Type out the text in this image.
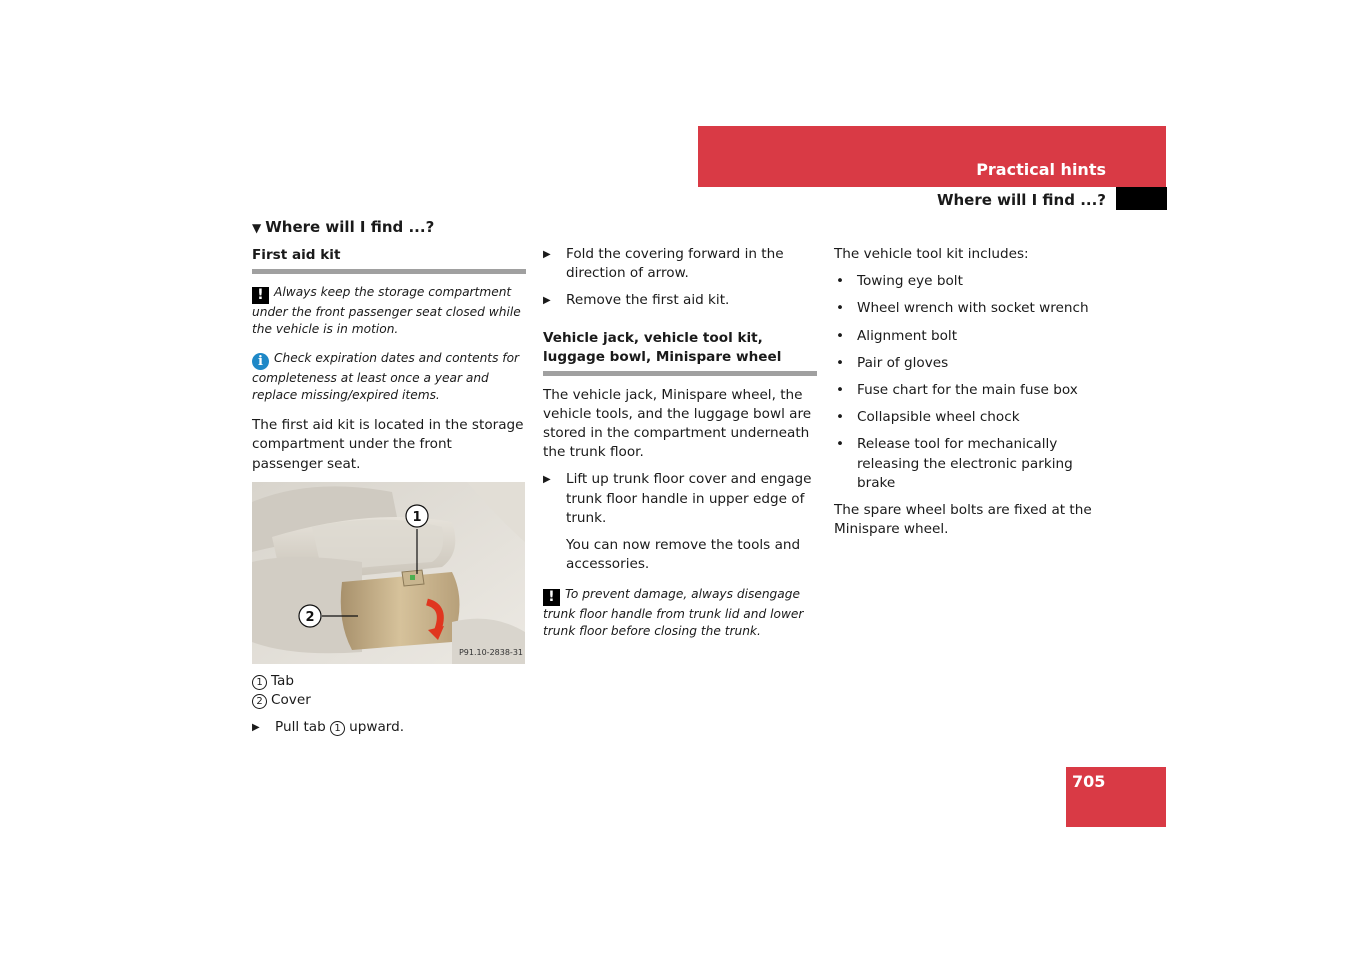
Practical hints
Where will I find ...?
▼ Where will I find ...?
First aid kit

! Always keep the storage compartment under the front passenger seat closed while the vehicle is in motion.

i Check expiration dates and contents for completeness at least once a year and replace missing/expired items.

The first aid kit is located in the storage compartment under the front passenger seat.

1
2
P91.10-2838-31

1 Tab

2 Cover

▶ Pull tab 1 upward.

▶ Fold the covering forward in the direction of arrow.

▶ Remove the first aid kit.

Vehicle jack, vehicle tool kit, luggage bowl, Minispare wheel

The vehicle jack, Minispare wheel, the vehicle tools, and the luggage bowl are stored in the compartment underneath the trunk floor.

▶ Lift up trunk floor cover and engage trunk floor handle in upper edge of trunk.

You can now remove the tools and accessories.

! To prevent damage, always disengage trunk floor handle from trunk lid and lower trunk floor before closing the trunk.

The vehicle tool kit includes:

• Towing eye bolt

• Wheel wrench with socket wrench

• Alignment bolt

• Pair of gloves

• Fuse chart for the main fuse box

• Collapsible wheel chock

• Release tool for mechanically releasing the electronic parking brake

The spare wheel bolts are fixed at the Minispare wheel.

705
